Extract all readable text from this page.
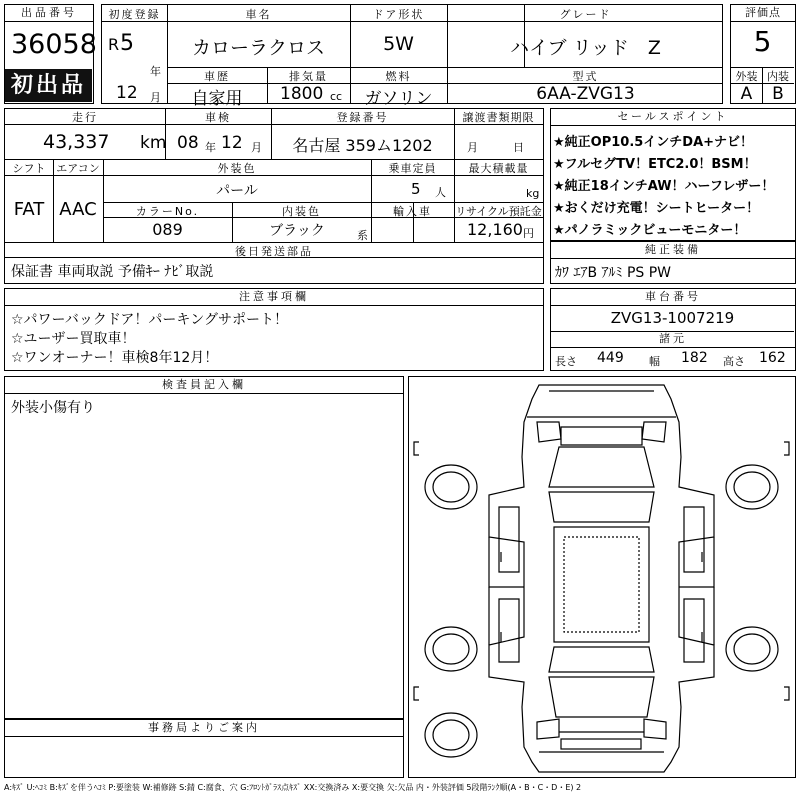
出品番号
36058
初出品
初度登録
R 5
年
12 月
車名
カローラクロス
ドア形状
5W
グレード
ハイブ リッド　Z
車歴
自家用
排気量
1800 cc
燃料
ガソリン
型式
6AA-ZVG13
評価点
5
外装 内装
A	B
走行
43,337 km
車検
08 年 12 月
登録番号
名古屋 359ム1202
譲渡書類期限
月	日
シフト
FAT
エアコン
AAC
外装色
パール
乗車定員
5 人
最大積載量
kg
カラーNo.
089
内装色
ブラック	系
輸入車	リサイクル預託金
12,160 円
後日発送部品
保証書 車両取説 予備ｷｰ ﾅﾋﾞ取説
セールスポイント
★純正OP10.5インチDA+ナビ！
★フルセグTV！ETC2.0！BSM！
★純正18インチAW！ハーフレザー！
★おくだけ充電！シートヒーター！
★パノラミックビューモニター！
純正装備
ｶﾜ ｴｱB ｱﾙﾐ PS PW
注意事項欄
☆パワーバックドア！パーキングサポート！
☆ユーザー買取車！
☆ワンオーナー！車検8年12月！
車台番号
ZVG13-1007219
諸元
長さ 449 幅 182 高さ 162
検査員記入欄
外装小傷有り
事務局よりご案内
A:ｷｽﾞ U:ﾍｺﾐ B:ｷｽﾞを伴うﾍｺﾐ P:要塗装 W:補修跡 S:錆 C:腐食、穴 G:ﾌﾛﾝﾄｶﾞﾗｽ点ｷｽﾞ XX:交換済み X:要交換 欠:欠品 内・外装評価 5段階ﾗﾝｸ順(A・B・C・D・E) 2
